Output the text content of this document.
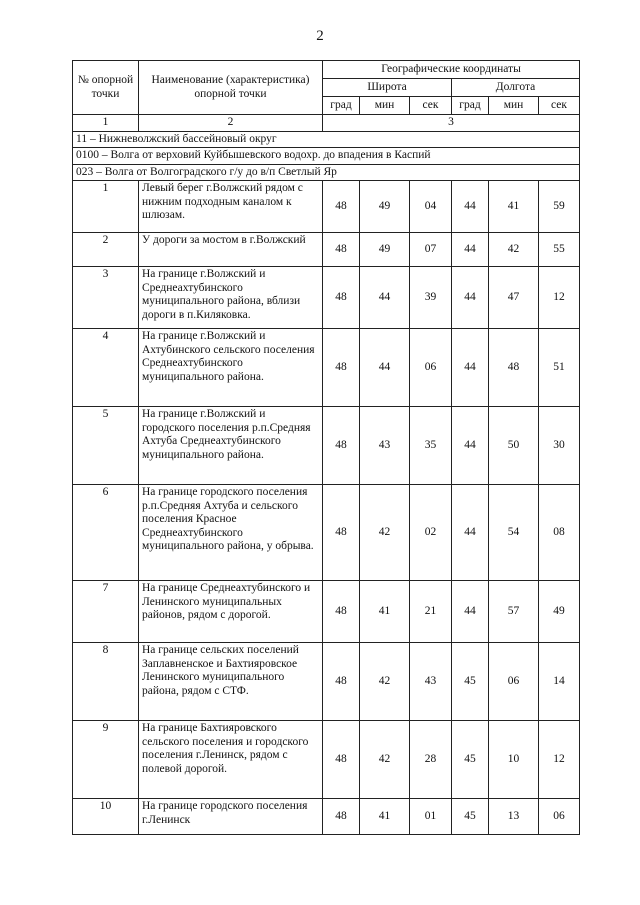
2
№ опорной точки	Наименование (характеристика) опорной точки	Географические координаты					
		Широта			Долгота		
		град	мин	сек	град	мин	сек
1	2	3					
11 – Нижневолжский бассейновый округ							
0100 – Волга от верховий Куйбышевского водохр. до впадения в Каспий							
023 – Волга от Волгоградского г/у до в/п Светлый Яр							
1	Левый берег г.Волжский рядом с нижним подходным каналом к шлюзам.	48	49	04	44	41	59
2	У дороги за мостом в г.Волжский	48	49	07	44	42	55
3	На границе г.Волжский и Среднеахтубинского муниципального района, вблизи дороги в п.Киляковка.	48	44	39	44	47	12
4	На границе г.Волжский и Ахтубинского сельского поселения Среднеахтубинского муниципального района.	48	44	06	44	48	51
5	На границе г.Волжский и городского поселения р.п.Средняя Ахтуба Среднеахтубинского муниципального района.	48	43	35	44	50	30
6	На границе городского поселения р.п.Средняя Ахтуба и сельского поселения Красное Среднеахтубинского муниципального района, у обрыва.	48	42	02	44	54	08
7	На границе Среднеахтубинского и Ленинского муниципальных районов, рядом с дорогой.	48	41	21	44	57	49
8	На границе сельских поселений Заплавненское и Бахтияровское Ленинского муниципального района, рядом с СТФ.	48	42	43	45	06	14
9	На границе Бахтияровского сельского поселения и городского поселения г.Ленинск, рядом с полевой дорогой.	48	42	28	45	10	12
10	На границе городского поселения г.Ленинск	48	41	01	45	13	06
